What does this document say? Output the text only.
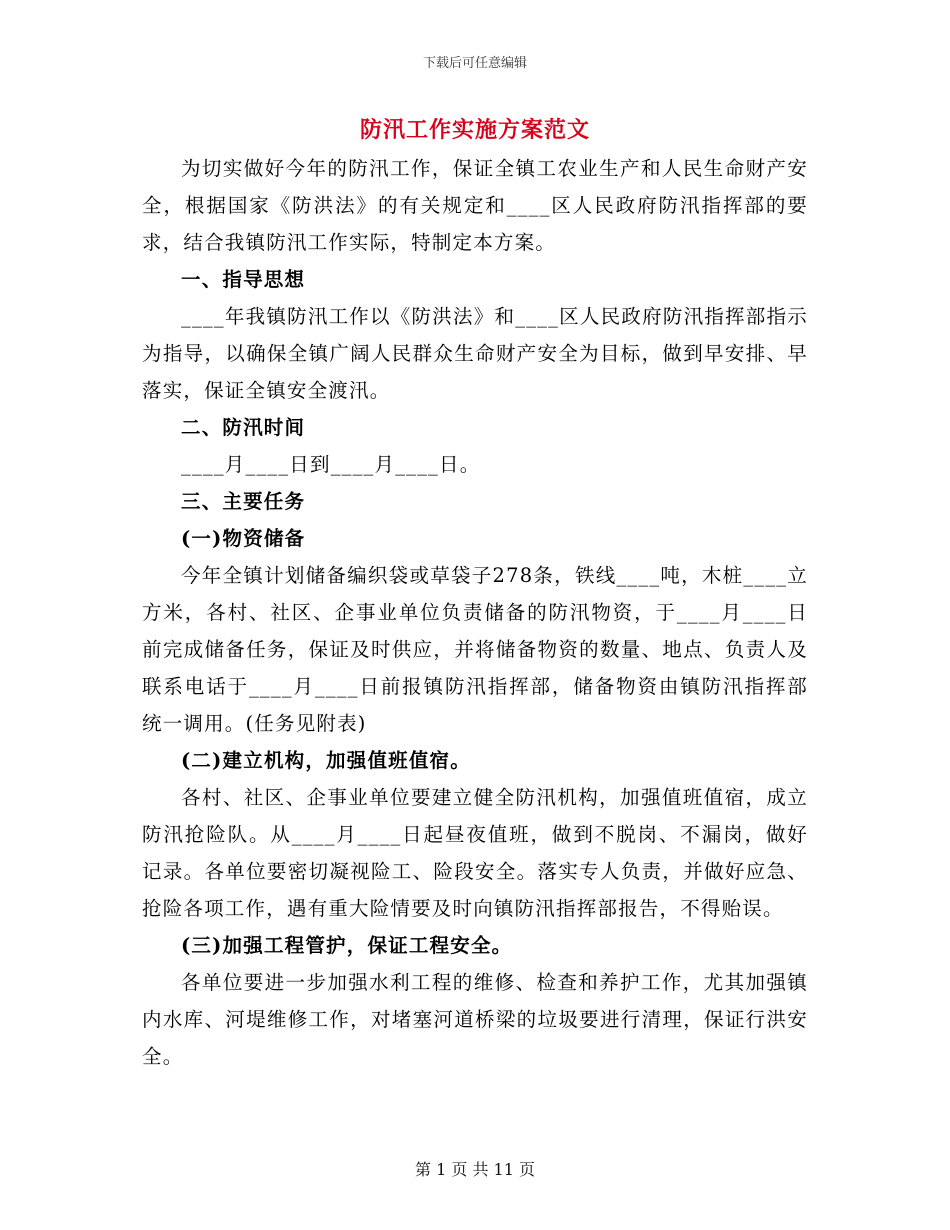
下载后可任意编辑
防汛工作实施方案范文

为切实做好今年的防汛工作，保证全镇工农业生产和人民生命财产安全，根据国家《防洪法》的有关规定和____区人民政府防汛指挥部的要求，结合我镇防汛工作实际，特制定本方案。

一、指导思想

____年我镇防汛工作以《防洪法》和____区人民政府防汛指挥部指示为指导，以确保全镇广阔人民群众生命财产安全为目标，做到早安排、早落实，保证全镇安全渡汛。

二、防汛时间

____月____日到____月____日。

三、主要任务

(一)物资储备

今年全镇计划储备编织袋或草袋子278条，铁线____吨，木桩____立方米，各村、社区、企事业单位负责储备的防汛物资，于____月____日前完成储备任务，保证及时供应，并将储备物资的数量、地点、负责人及联系电话于____月____日前报镇防汛指挥部，储备物资由镇防汛指挥部统一调用。(任务见附表)

(二)建立机构，加强值班值宿。

各村、社区、企事业单位要建立健全防汛机构，加强值班值宿，成立防汛抢险队。从____月____日起昼夜值班，做到不脱岗、不漏岗，做好记录。各单位要密切凝视险工、险段安全。落实专人负责，并做好应急、抢险各项工作，遇有重大险情要及时向镇防汛指挥部报告，不得贻误。

(三)加强工程管护，保证工程安全。

各单位要进一步加强水利工程的维修、检查和养护工作，尤其加强镇内水库、河堤维修工作，对堵塞河道桥梁的垃圾要进行清理，保证行洪安全。

第 1 页 共 11 页
